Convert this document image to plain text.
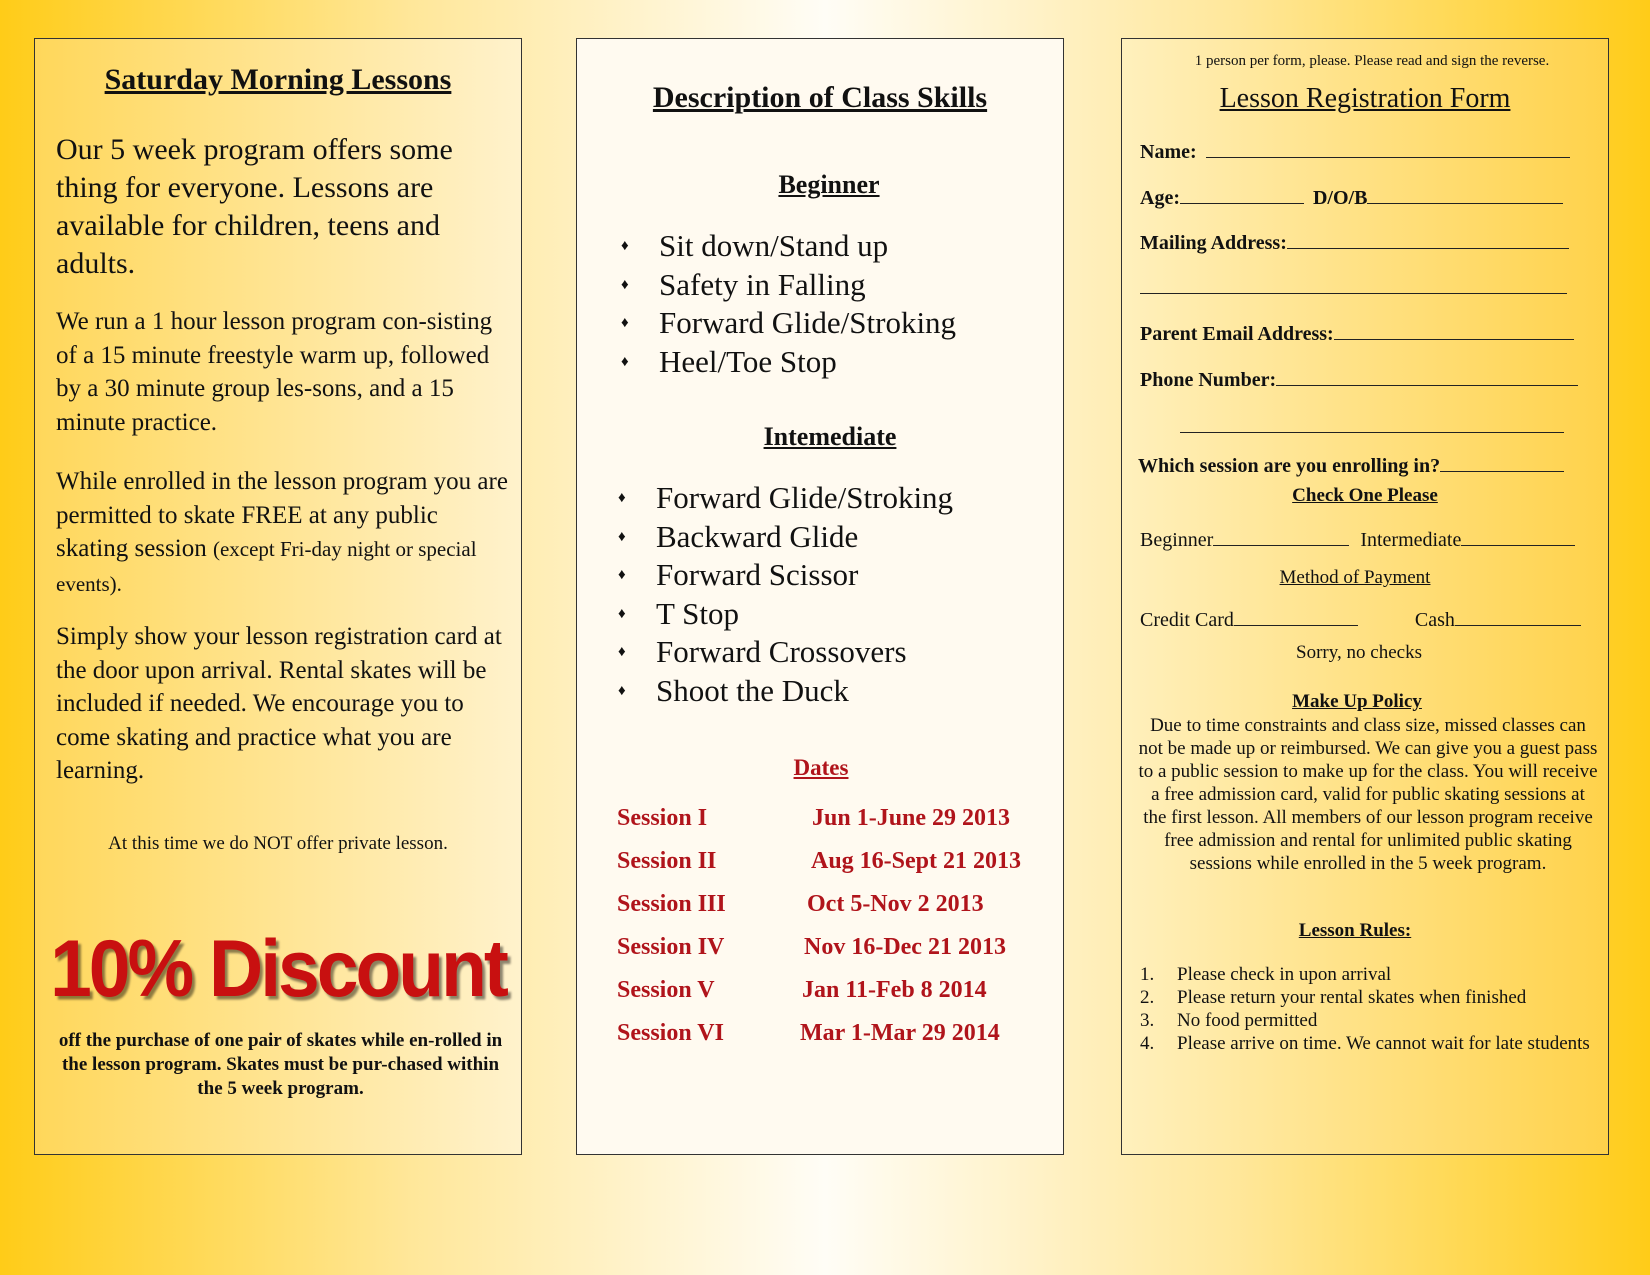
Saturday Morning Lessons
Our 5 week program offers some thing for everyone. Lessons are available for children, teens and adults.
We run a 1 hour lesson program con-sisting of a 15 minute freestyle warm up, followed by a 30 minute group les-sons, and a 15 minute practice.
While enrolled in the lesson program you are permitted to skate FREE at any public skating session (except Fri-day night or special events).
Simply show your lesson registration card at the door upon arrival. Rental skates will be included if needed. We encourage you to come skating and practice what you are learning.
At this time we do NOT offer private lesson.
10% Discount
off the purchase of one pair of skates while en-rolled in the lesson program. Skates must be pur-chased within the 5 week program.
Description of Class Skills
Beginner
♦ Sit down/Stand up
♦ Safety in Falling
♦ Forward Glide/Stroking
♦ Heel/Toe Stop
Intemediate
♦ Forward Glide/Stroking
♦ Backward Glide
♦ Forward Scissor
♦ T Stop
♦ Forward Crossovers
♦ Shoot the Duck
Dates
Session I	Jun 1-June 29 2013
Session II	Aug 16-Sept 21 2013
Session III	Oct 5-Nov 2 2013
Session IV	Nov 16-Dec 21 2013
Session V	Jan 11-Feb 8 2014
Session VI	Mar 1-Mar 29 2014
1 person per form, please. Please read and sign the reverse.
Lesson Registration Form
Name:
Age:	D/O/B
Mailing Address:
Parent Email Address:
Phone Number:
Which session are you enrolling in?
Check One Please
Beginner	Intermediate
Method of Payment
Credit Card	Cash
Sorry, no checks
Make Up Policy
Due to time constraints and class size, missed classes can not be made up or reimbursed. We can give you a guest pass to a public session to make up for the class. You will receive a free admission card, valid for public skating sessions at the first lesson. All members of our lesson program receive free admission and rental for unlimited public skating sessions while enrolled in the 5 week program.
Lesson Rules:
1.	Please check in upon arrival
2.	Please return your rental skates when finished
3.	No food permitted
4.	Please arrive on time. We cannot wait for late students
